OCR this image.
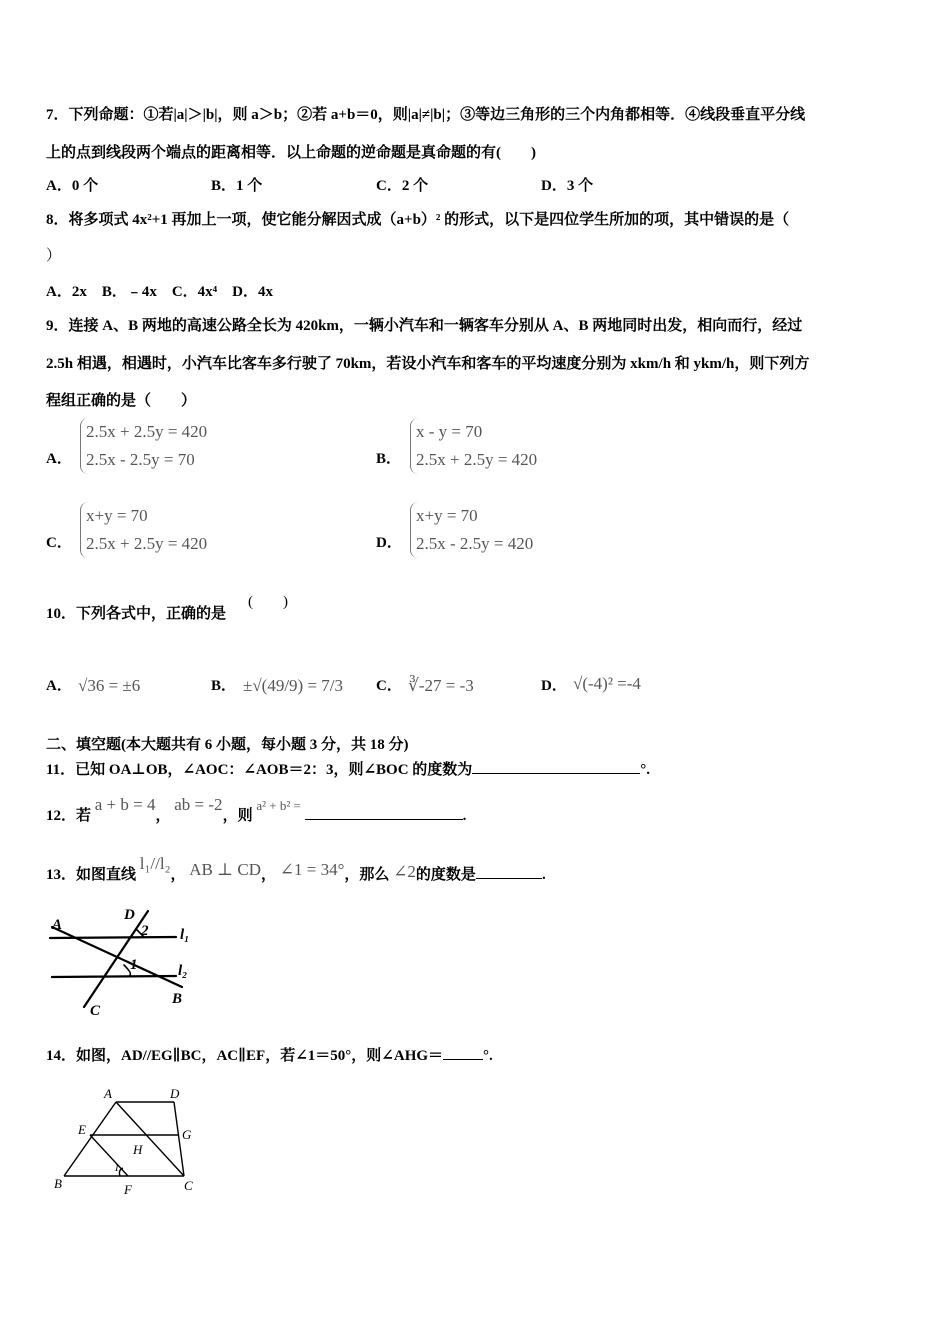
7．下列命题：①若|a|＞|b|，则 a＞b；②若 a+b＝0，则|a|≠|b|；③等边三角形的三个内角都相等．④线段垂直平分线
上的点到线段两个端点的距离相等．以上命题的逆命题是真命题的有(　　)
A．0 个	B．1 个	C．2 个	D．3 个
8．将多项式 4x²+1 再加上一项，使它能分解因式成（a+b）² 的形式，以下是四位学生所加的项，其中错误的是（
）
A．2x　B．﹣4x　C．4x⁴　D．4x
9．连接 A、B 两地的高速公路全长为 420km，一辆小汽车和一辆客车分别从 A、B 两地同时出发，相向而行，经过
2.5h 相遇，相遇时，小汽车比客车多行驶了 70km，若设小汽车和客车的平均速度分别为 xkm/h 和 ykm/h，则下列方
程组正确的是（　　）
A．
2.5x + 2.5y = 420
2.5x - 2.5y = 70	B．
x - y = 70
2.5x + 2.5y = 420
C．
x+y = 70
2.5x + 2.5y = 420	D．
x+y = 70
2.5x - 2.5y = 420
10．下列各式中，正确的是
(　　)
A． √36 = ±6	B． ±√(49/9) = 7/3 C． ∛-27 = -3	D． √(-4)² =-4
二、填空题(本大题共有 6 小题，每小题 3 分，共 18 分)
11．已知 OA⊥OB，∠AOC：∠AOB＝2：3，则∠BOC 的度数为	°.
12．若 a + b = 4， ab = -2，则 a² + b² = .
13．如图直线 l₁//l₂， AB ⊥ CD， ∠1 = 34°，那么 ∠2的度数是	.
A
D
2 l₁
1	l₂
C
B
14．如图，AD//EG∥BC，AC∥EF，若∠1＝50°，则∠AHG＝	°.
A	D
E	G
H
1
B	F	C
